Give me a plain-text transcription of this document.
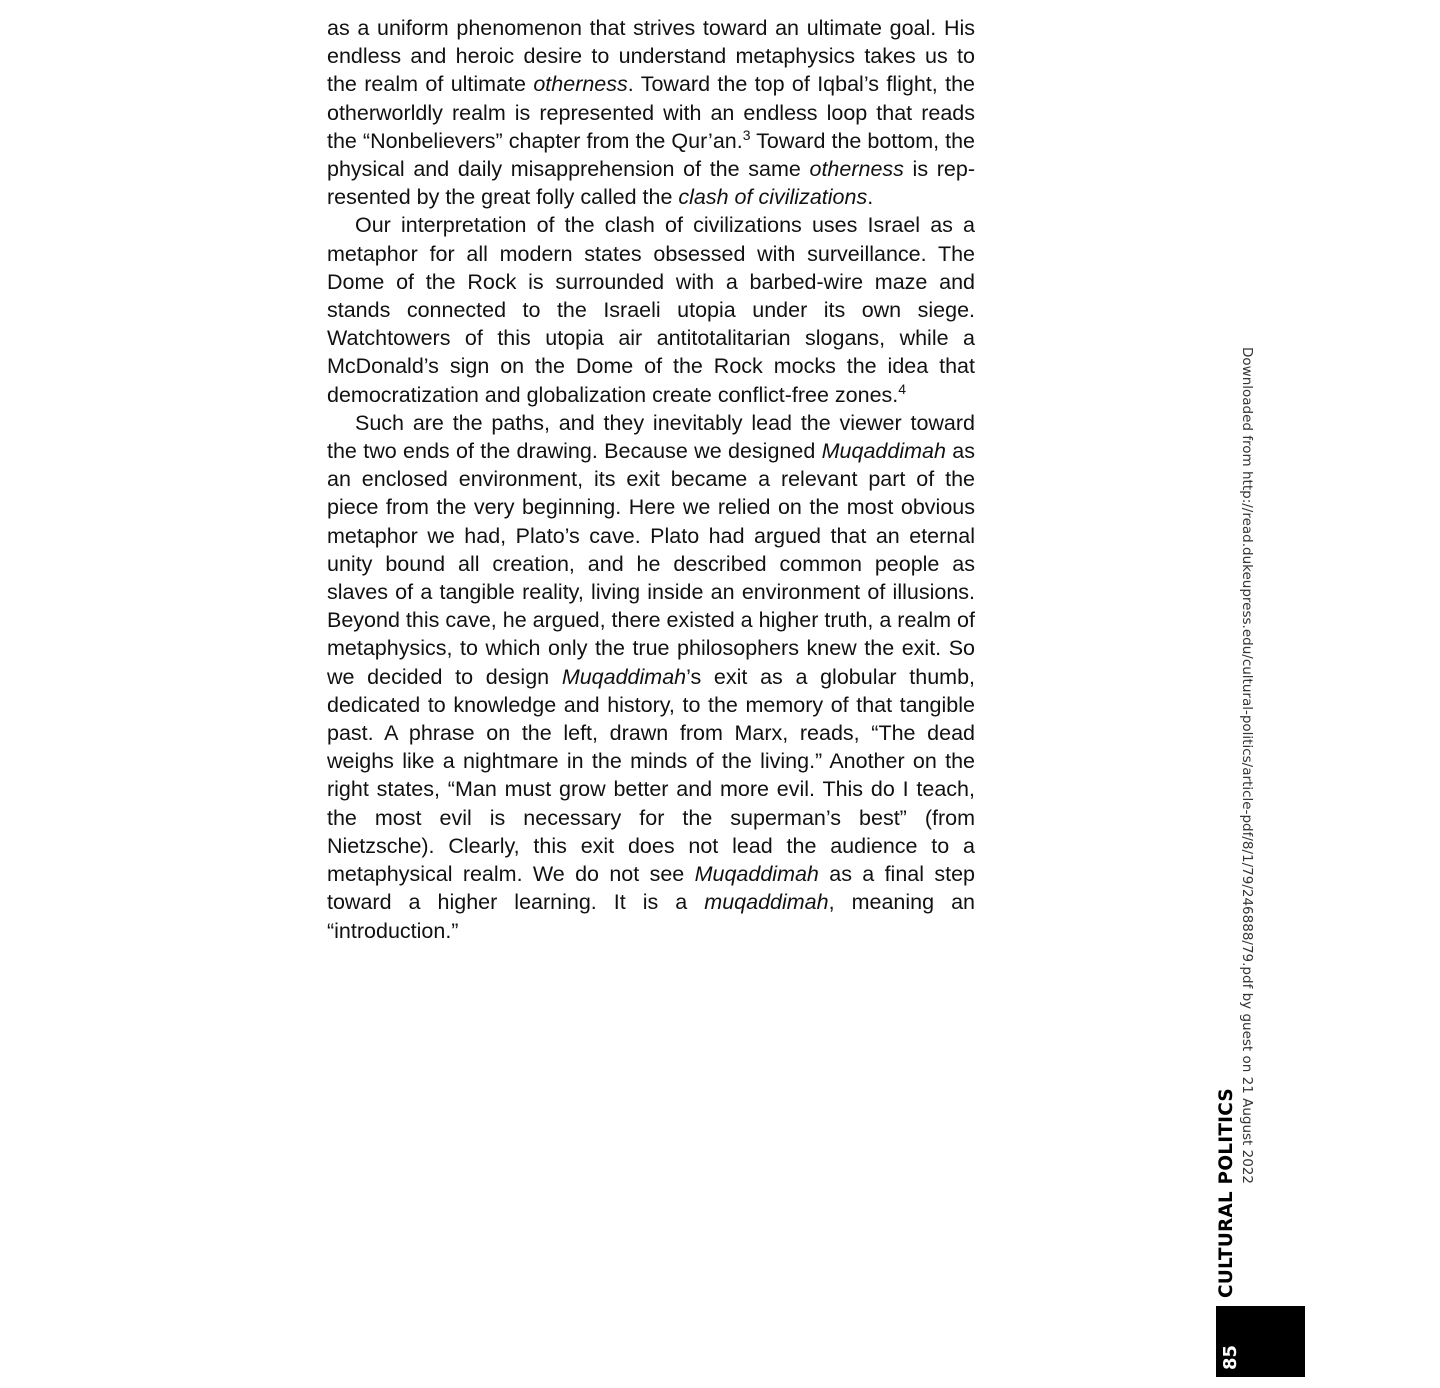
as a uniform phenomenon that strives toward an ultimate goal. His endless and heroic desire to understand metaphysics takes us to the realm of ultimate otherness. Toward the top of Iqbal’s flight, the otherworldly realm is represented with an endless loop that reads the “Nonbelievers” chapter from the Qur’an.$^3$ Toward the bottom, the physical and daily misapprehension of the same otherness is represented by the great folly called the clash of civilizations.

Our interpretation of the clash of civilizations uses Israel as a metaphor for all modern states obsessed with surveillance. The Dome of the Rock is surrounded with a barbed-wire maze and stands connected to the Israeli utopia under its own siege. Watchtowers of this utopia air antitotalitarian slogans, while a McDonald’s sign on the Dome of the Rock mocks the idea that democratization and globalization create conflict-free zones.$^4$

Such are the paths, and they inevitably lead the viewer toward the two ends of the drawing. Because we designed Muqaddimah as an enclosed environment, its exit became a relevant part of the piece from the very beginning. Here we relied on the most obvious metaphor we had, Plato’s cave. Plato had argued that an eternal unity bound all creation, and he described common people as slaves of a tangible reality, living inside an environment of illusions. Beyond this cave, he argued, there existed a higher truth, a realm of metaphysics, to which only the true philosophers knew the exit. So we decided to design Muqaddimah’s exit as a globular thumb, dedicated to knowledge and history, to the memory of that tangible past. A phrase on the left, drawn from Marx, reads, “The dead weighs like a nightmare in the minds of the living.” Another on the right states, “Man must grow better and more evil. This do I teach, the most evil is necessary for the superman’s best” (from Nietzsche). Clearly, this exit does not lead the audience to a metaphysical realm. We do not see Muqaddimah as a final step toward a higher learning. It is a muqaddimah, meaning an “introduction.”	Downloaded from http://read.dukeupress.edu/cultural-politics/article-pdf/8/1/79/246888/79.pdf by guest on 21 August 2022
CULTURAL POLITICS
85
